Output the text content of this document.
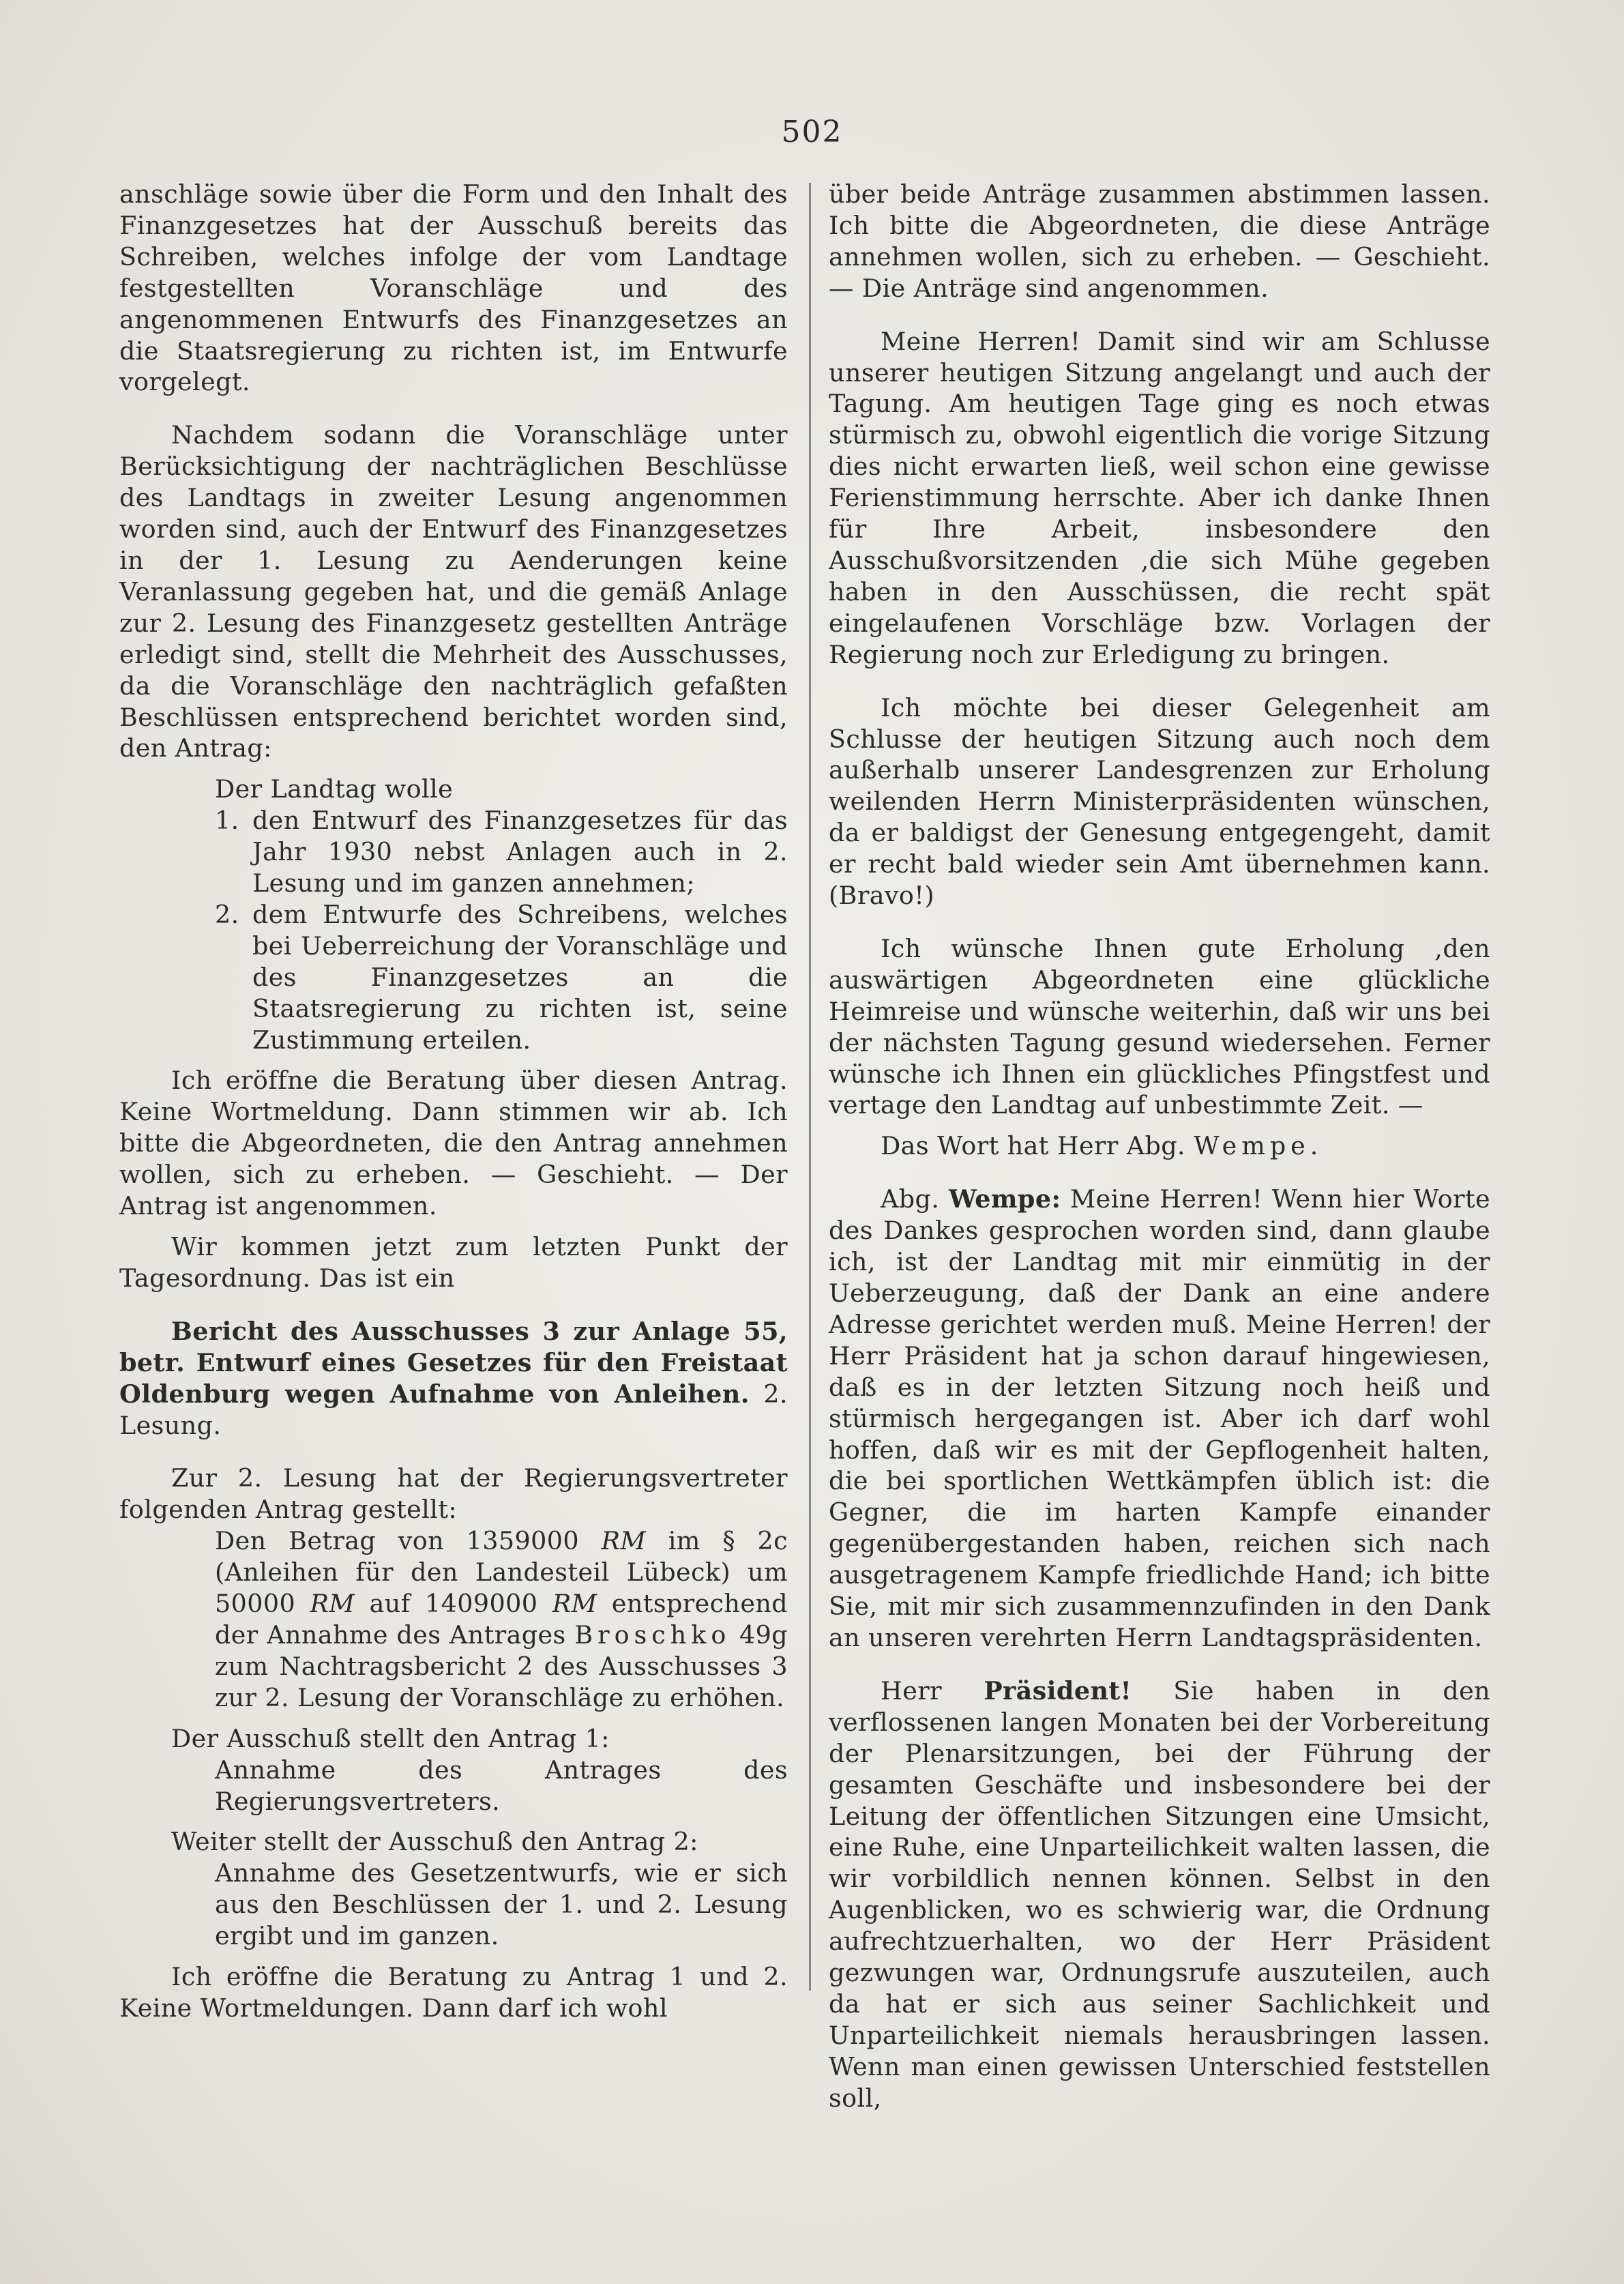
502

anschläge sowie über die Form und den Inhalt des Finanzgesetzes hat der Ausschuß bereits das Schreiben, welches infolge der vom Landtage festgestellten Voranschläge und des angenommenen Entwurfs des Finanzgesetzes an die Staatsregierung zu richten ist, im Entwurfe vorgelegt.

Nachdem sodann die Voranschläge unter Berücksichtigung der nachträglichen Beschlüsse des Landtags in zweiter Lesung angenommen worden sind, auch der Entwurf des Finanzgesetzes in der 1. Lesung zu Aenderungen keine Veranlassung gegeben hat, und die gemäß Anlage zur 2. Lesung des Finanzgesetz gestellten Anträge erledigt sind, stellt die Mehrheit des Ausschusses, da die Voranschläge den nachträglich gefaßten Beschlüssen entsprechend berichtet worden sind, den Antrag:

Der Landtag wolle

1. den Entwurf des Finanzgesetzes für das Jahr 1930 nebst Anlagen auch in 2. Lesung und im ganzen annehmen;
2. dem Entwurfe des Schreibens, welches bei Ueberreichung der Voranschläge und des Finanzgesetzes an die Staatsregierung zu richten ist, seine Zustimmung erteilen.

Ich eröffne die Beratung über diesen Antrag. Keine Wortmeldung. Dann stimmen wir ab. Ich bitte die Abgeordneten, die den Antrag annehmen wollen, sich zu erheben. — Geschieht. — Der Antrag ist angenommen.

Wir kommen jetzt zum letzten Punkt der Tagesordnung. Das ist ein

Bericht des Ausschusses 3 zur Anlage 55, betr. Entwurf eines Gesetzes für den Freistaat Oldenburg wegen Aufnahme von Anleihen. 2. Lesung.

Zur 2. Lesung hat der Regierungsvertreter folgenden Antrag gestellt:

Den Betrag von 1359000 RM im § 2c (Anleihen für den Landesteil Lübeck) um 50000 RM auf 1409000 RM entsprechend der Annahme des Antrages Broschko 49g zum Nachtragsbericht 2 des Ausschusses 3 zur 2. Lesung der Voranschläge zu erhöhen.

Der Ausschuß stellt den Antrag 1:

Annahme des Antrages des Regierungsvertreters.

Weiter stellt der Ausschuß den Antrag 2:

Annahme des Gesetzentwurfs, wie er sich aus den Beschlüssen der 1. und 2. Lesung ergibt und im ganzen.

Ich eröffne die Beratung zu Antrag 1 und 2. Keine Wortmeldungen. Dann darf ich wohl

über beide Anträge zusammen abstimmen lassen. Ich bitte die Abgeordneten, die diese Anträge annehmen wollen, sich zu erheben. — Geschieht. — Die Anträge sind angenommen.

Meine Herren! Damit sind wir am Schlusse unserer heutigen Sitzung angelangt und auch der Tagung. Am heutigen Tage ging es noch etwas stürmisch zu, obwohl eigentlich die vorige Sitzung dies nicht erwarten ließ, weil schon eine gewisse Ferienstimmung herrschte. Aber ich danke Ihnen für Ihre Arbeit, insbesondere den Ausschußvorsitzenden ,die sich Mühe gegeben haben in den Ausschüssen, die recht spät eingelaufenen Vorschläge bzw. Vorlagen der Regierung noch zur Erledigung zu bringen.

Ich möchte bei dieser Gelegenheit am Schlusse der heutigen Sitzung auch noch dem außerhalb unserer Landesgrenzen zur Erholung weilenden Herrn Ministerpräsidenten wünschen, da er baldigst der Genesung entgegengeht, damit er recht bald wieder sein Amt übernehmen kann. (Bravo!)

Ich wünsche Ihnen gute Erholung ,den auswärtigen Abgeordneten eine glückliche Heimreise und wünsche weiterhin, daß wir uns bei der nächsten Tagung gesund wiedersehen. Ferner wünsche ich Ihnen ein glückliches Pfingstfest und vertage den Landtag auf unbestimmte Zeit. —

Das Wort hat Herr Abg. Wempe.

Abg. Wempe: Meine Herren! Wenn hier Worte des Dankes gesprochen worden sind, dann glaube ich, ist der Landtag mit mir einmütig in der Ueberzeugung, daß der Dank an eine andere Adresse gerichtet werden muß. Meine Herren! der Herr Präsident hat ja schon darauf hingewiesen, daß es in der letzten Sitzung noch heiß und stürmisch hergegangen ist. Aber ich darf wohl hoffen, daß wir es mit der Gepflogenheit halten, die bei sportlichen Wettkämpfen üblich ist: die Gegner, die im harten Kampfe einander gegenübergestanden haben, reichen sich nach ausgetragenem Kampfe friedlichde Hand; ich bitte Sie, mit mir sich zusammennzufinden in den Dank an unseren verehrten Herrn Landtagspräsidenten.

Herr Präsident! Sie haben in den verflossenen langen Monaten bei der Vorbereitung der Plenarsitzungen, bei der Führung der gesamten Geschäfte und insbesondere bei der Leitung der öffentlichen Sitzungen eine Umsicht, eine Ruhe, eine Unparteilichkeit walten lassen, die wir vorbildlich nennen können. Selbst in den Augenblicken, wo es schwierig war, die Ordnung aufrechtzuerhalten, wo der Herr Präsident gezwungen war, Ordnungsrufe auszuteilen, auch da hat er sich aus seiner Sachlichkeit und Unparteilichkeit niemals herausbringen lassen. Wenn man einen gewissen Unterschied feststellen soll,
